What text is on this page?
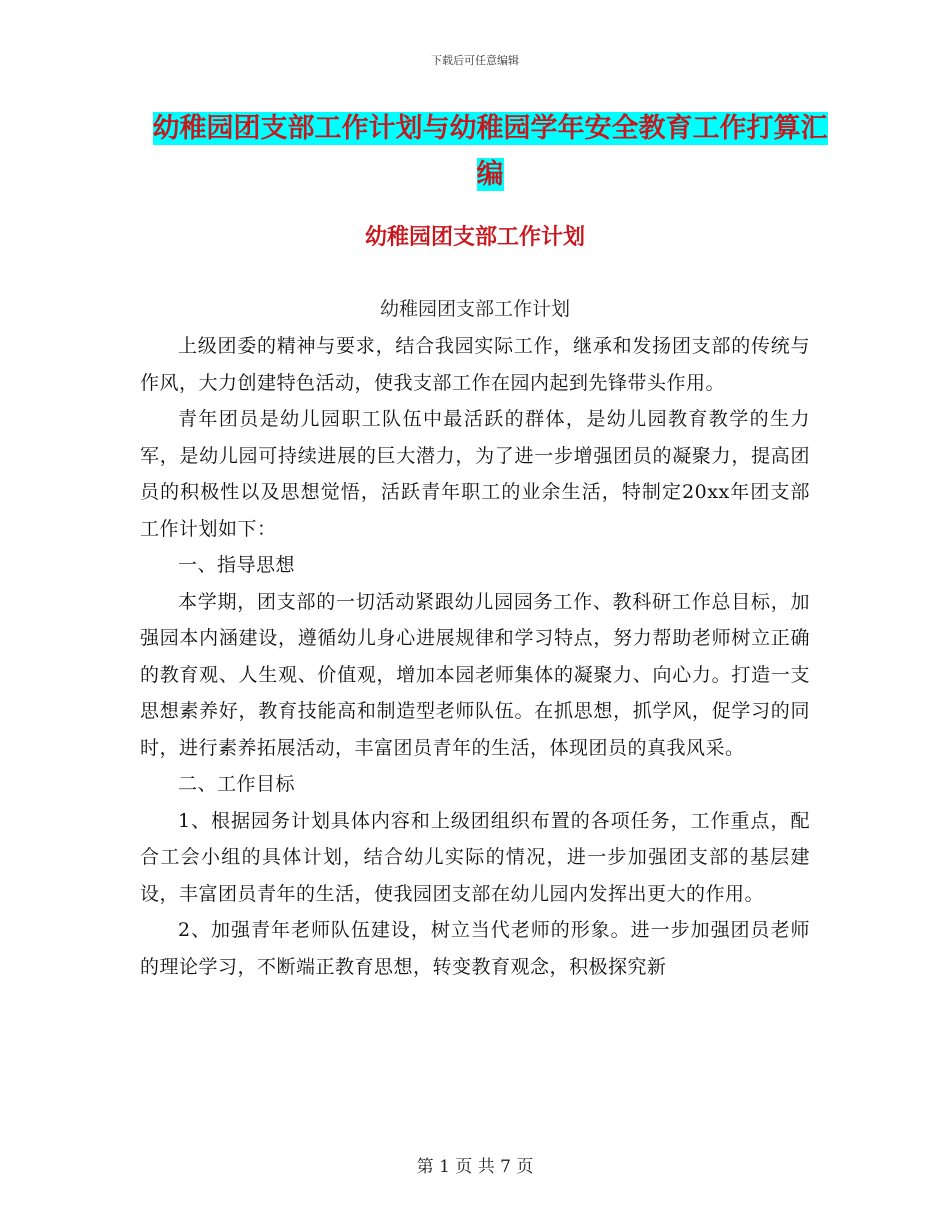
下载后可任意编辑
幼稚园团支部工作计划与幼稚园学年安全教育工作打算汇编
幼稚园团支部工作计划
幼稚园团支部工作计划

上级团委的精神与要求，结合我园实际工作，继承和发扬团支部的传统与作风，大力创建特色活动，使我支部工作在园内起到先锋带头作用。

青年团员是幼儿园职工队伍中最活跃的群体，是幼儿园教育教学的生力军，是幼儿园可持续进展的巨大潜力，为了进一步增强团员的凝聚力，提高团员的积极性以及思想觉悟，活跃青年职工的业余生活，特制定20xx年团支部工作计划如下：

一、指导思想

本学期，团支部的一切活动紧跟幼儿园园务工作、教科研工作总目标，加强园本内涵建设，遵循幼儿身心进展规律和学习特点，努力帮助老师树立正确的教育观、人生观、价值观，增加本园老师集体的凝聚力、向心力。打造一支思想素养好，教育技能高和制造型老师队伍。在抓思想，抓学风，促学习的同时，进行素养拓展活动，丰富团员青年的生活，体现团员的真我风采。

二、工作目标

1、根据园务计划具体内容和上级团组织布置的各项任务，工作重点，配合工会小组的具体计划，结合幼儿实际的情况，进一步加强团支部的基层建设，丰富团员青年的生活，使我园团支部在幼儿园内发挥出更大的作用。

2、加强青年老师队伍建设，树立当代老师的形象。进一步加强团员老师的理论学习，不断端正教育思想，转变教育观念，积极探究新

第 1 页 共 7 页
